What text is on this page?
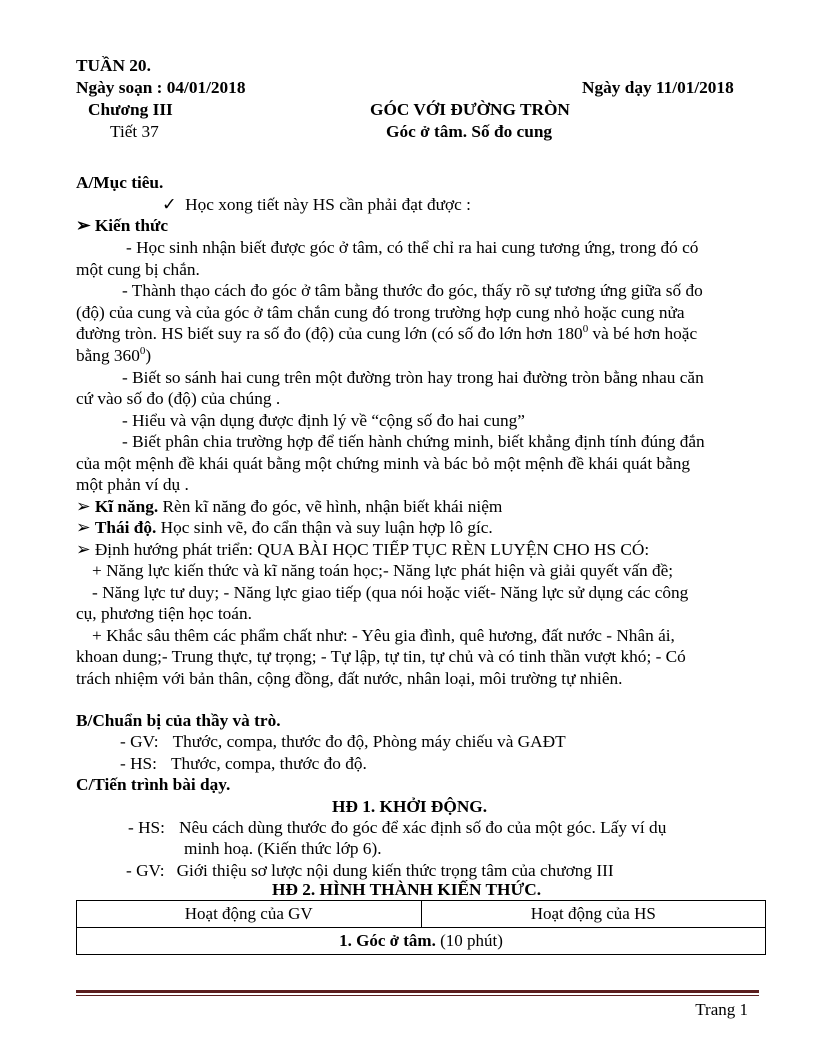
TUẦN 20.
Ngày soạn : 04/01/2018	Ngày dạy 11/01/2018
Chương III	GÓC VỚI ĐƯỜNG TRÒN
Tiết 37	Góc ở tâm. Số đo cung
A/Mục tiêu.
✓ Học xong tiết này HS cần phải đạt được :
➢ Kiến thức
- Học sinh nhận biết được góc ở tâm, có thể chỉ ra hai cung tương ứng, trong đó có
một cung bị chắn.
- Thành thạo cách đo góc ở tâm bằng thước đo góc, thấy rõ sự tương ứng giữa số đo
(độ) của cung và của góc ở tâm chắn cung đó trong trường hợp cung nhỏ hoặc cung nửa
đường tròn. HS biết suy ra số đo (độ) của cung lớn (có số đo lớn hơn $180^0$ và bé hơn hoặc
bằng $360^0$)
- Biết so sánh hai cung trên một đường tròn hay trong hai đường tròn bằng nhau căn
cứ vào số đo (độ) của chúng .
- Hiểu và vận dụng được định lý về “cộng số đo hai cung”
- Biết phân chia trường hợp để tiến hành chứng minh, biết khẳng định tính đúng đắn
của một mệnh đề khái quát bằng một chứng minh và bác bỏ một mệnh đề khái quát bằng
một phản ví dụ .
➢ Kĩ năng. Rèn kĩ năng đo góc, vẽ hình, nhận biết khái niệm
➢ Thái độ. Học sinh vẽ, đo cẩn thận và suy luận hợp lô gíc.
➢ Định hướng phát triển: QUA BÀI HỌC TIẾP TỤC RÈN LUYỆN CHO HS CÓ:
+ Năng lực kiến thức và kĩ năng toán học;- Năng lực phát hiện và giải quyết vấn đề;
- Năng lực tư duy; - Năng lực giao tiếp (qua nói hoặc viết- Năng lực sử dụng các công
cụ, phương tiện học toán.
+ Khắc sâu thêm các phẩm chất như: - Yêu gia đình, quê hương, đất nước - Nhân ái,
khoan dung;- Trung thực, tự trọng; - Tự lập, tự tin, tự chủ và có tinh thần vượt khó; - Có
trách nhiệm với bản thân, cộng đồng, đất nước, nhân loại, môi trường tự nhiên.
B/Chuẩn bị của thầy và trò.
- GV: Thước, compa, thước đo độ, Phòng máy chiếu và GAĐT
- HS: Thước, compa, thước đo độ.
C/Tiến trình bài dạy.
HĐ 1. KHỞI ĐỘNG.
- HS: Nêu cách dùng thước đo góc để xác định số đo của một góc. Lấy ví dụ
minh hoạ. (Kiến thức lớp 6).
- GV: Giới thiệu sơ lược nội dung kiến thức trọng tâm của chương III
HĐ 2. HÌNH THÀNH KIẾN THỨC.
Hoạt động của GV	Hoạt động của HS
1. Góc ở tâm. (10 phút)
Trang 1
